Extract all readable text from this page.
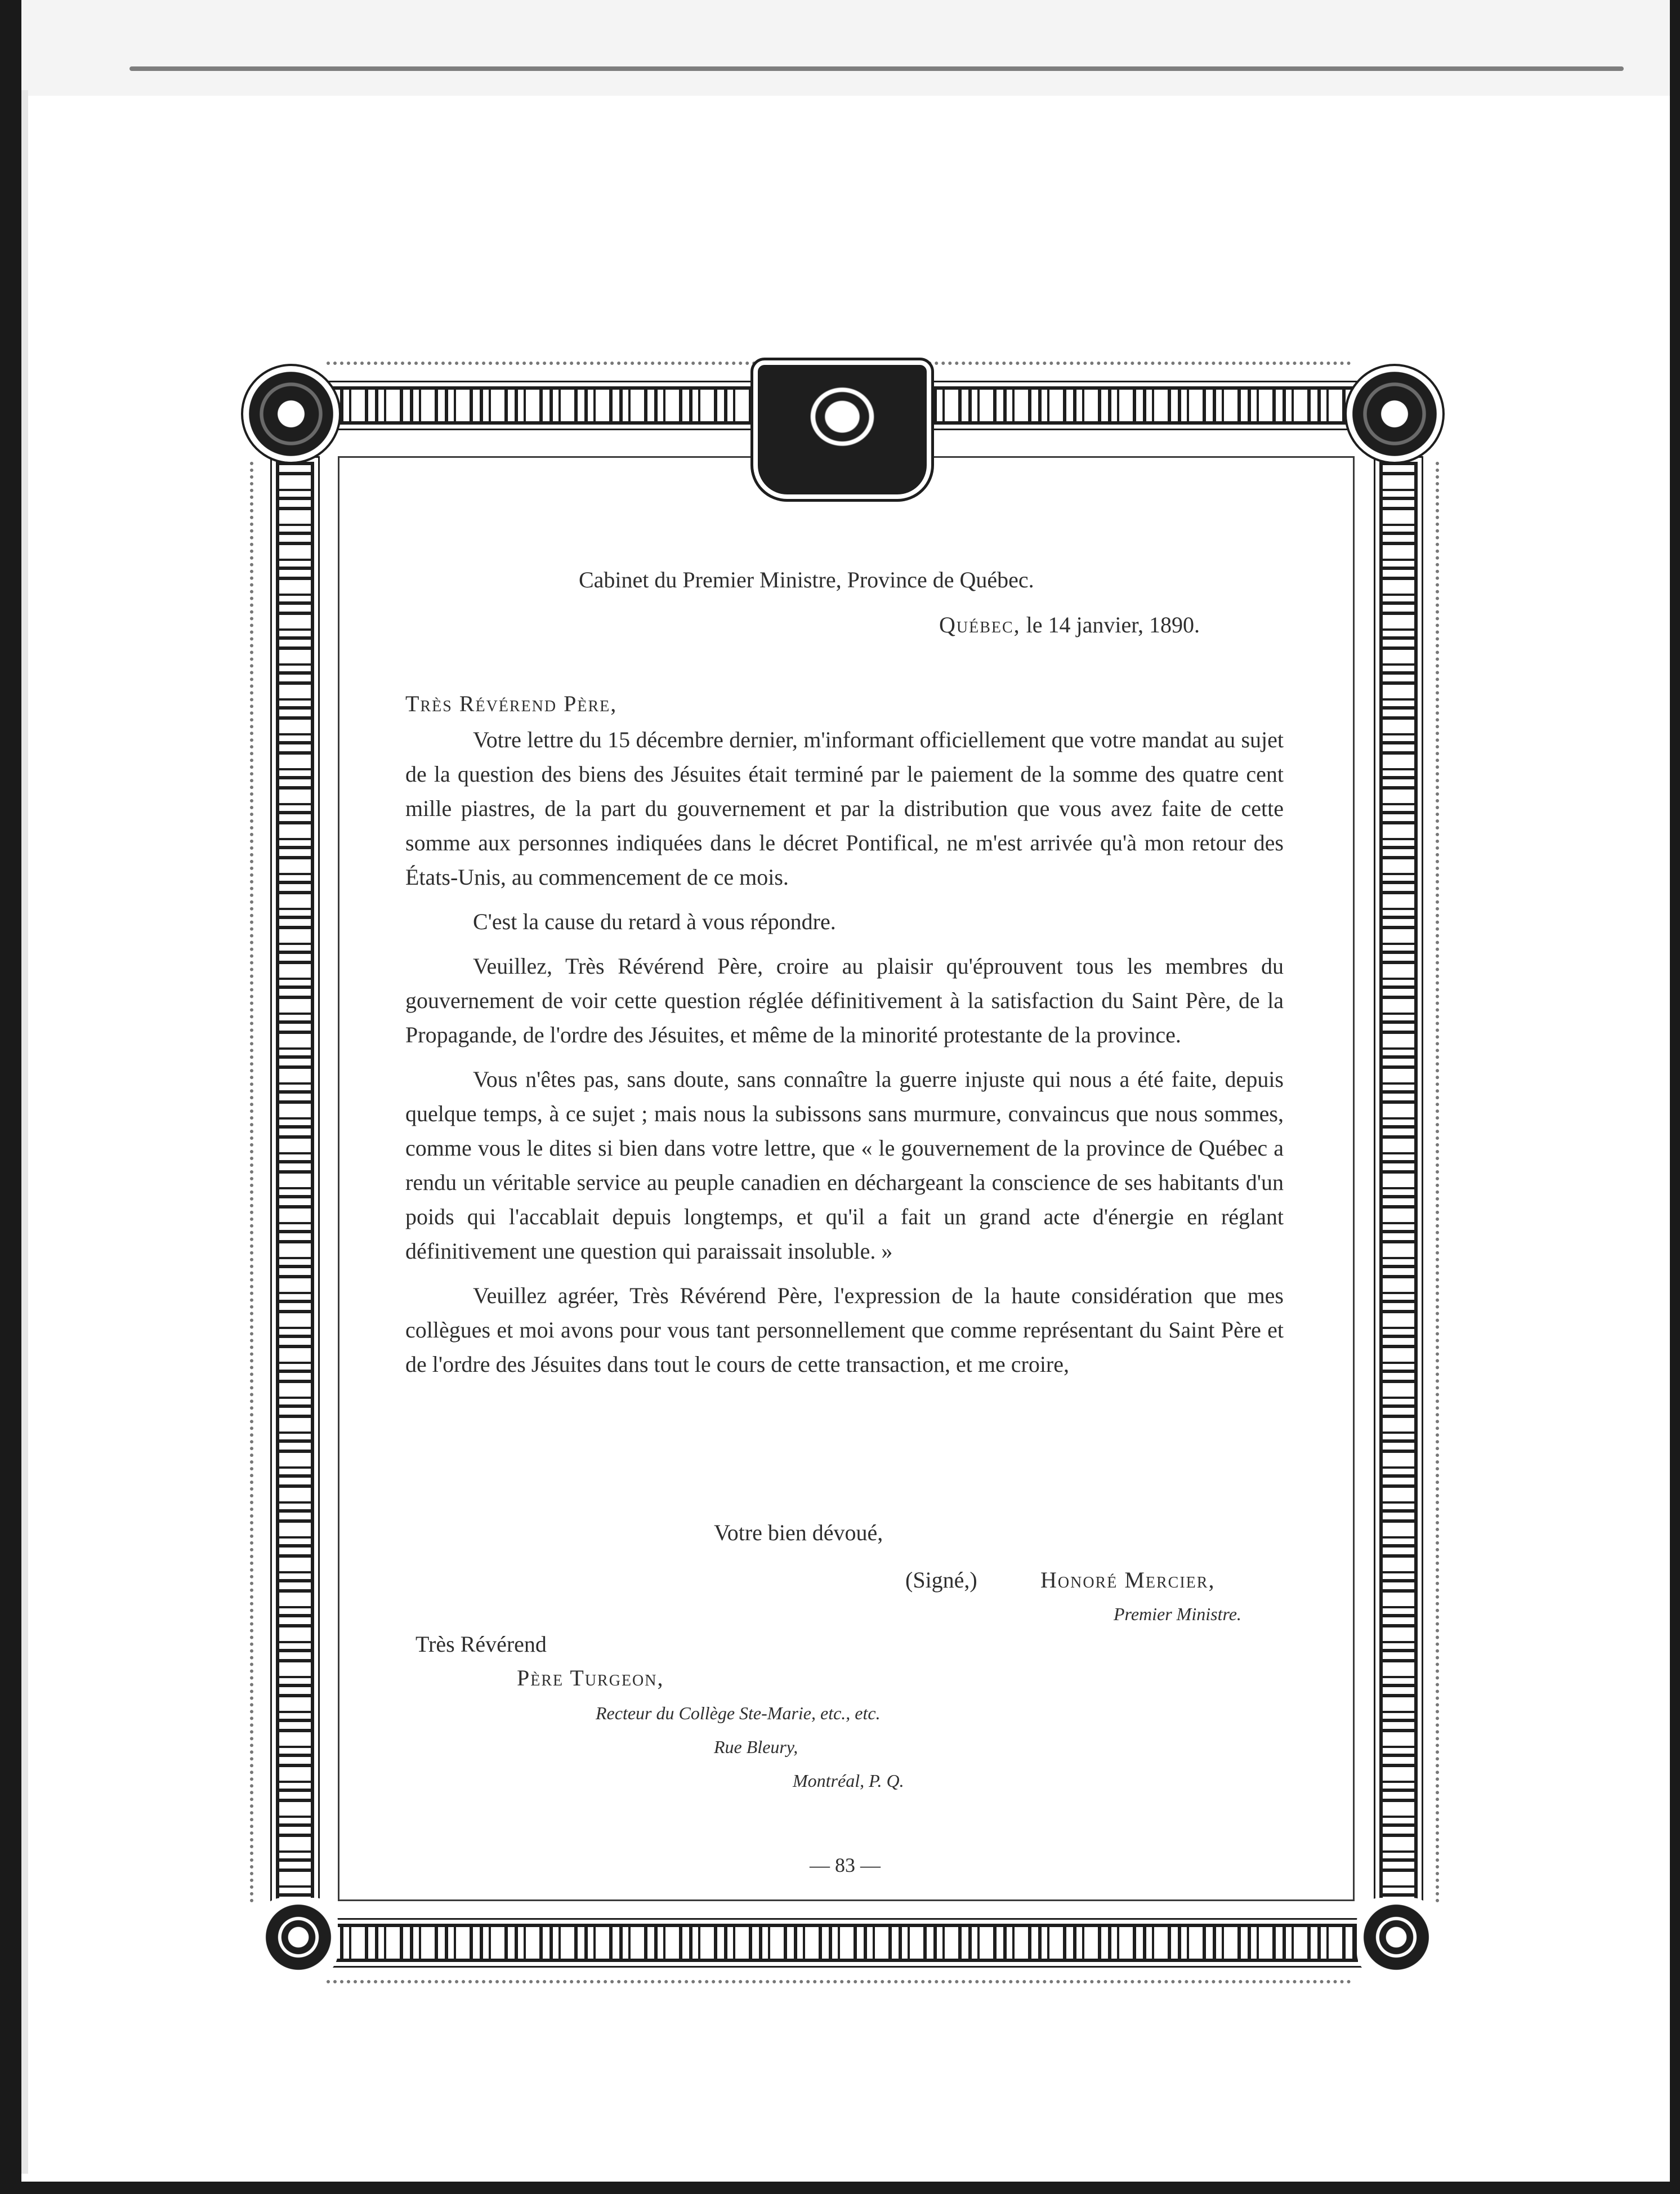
Cabinet du Premier Ministre, Province de Québec.
Québec, le 14 janvier, 1890.
Très Révérend Père,

Votre lettre du 15 décembre dernier, m'informant officiellement que votre mandat au sujet de la question des biens des Jésuites était terminé par le paiement de la somme des quatre cent mille piastres, de la part du gouvernement et par la distribution que vous avez faite de cette somme aux personnes indiquées dans le décret Pontifical, ne m'est arrivée qu'à mon retour des États-Unis, au commencement de ce mois.

C'est la cause du retard à vous répondre.

Veuillez, Très Révérend Père, croire au plaisir qu'éprouvent tous les membres du gouvernement de voir cette question réglée définitivement à la satisfaction du Saint Père, de la Propagande, de l'ordre des Jésuites, et même de la minorité protestante de la province.

Vous n'êtes pas, sans doute, sans connaître la guerre injuste qui nous a été faite, depuis quelque temps, à ce sujet ; mais nous la subissons sans murmure, convaincus que nous sommes, comme vous le dites si bien dans votre lettre, que « le gouvernement de la province de Québec a rendu un véritable service au peuple canadien en déchargeant la conscience de ses habitants d'un poids qui l'accablait depuis longtemps, et qu'il a fait un grand acte d'énergie en réglant définitivement une question qui paraissait insoluble. »

Veuillez agréer, Très Révérend Père, l'expression de la haute considération que mes collègues et moi avons pour vous tant personnellement que comme représentant du Saint Père et de l'ordre des Jésuites dans tout le cours de cette transaction, et me croire,

Votre bien dévoué,
(Signé,)	Honoré Mercier,
Premier Ministre.
Très Révérend
Père Turgeon,
Recteur du Collège Ste-Marie, etc., etc.
Rue Bleury,
Montréal, P. Q.
— 83 —
